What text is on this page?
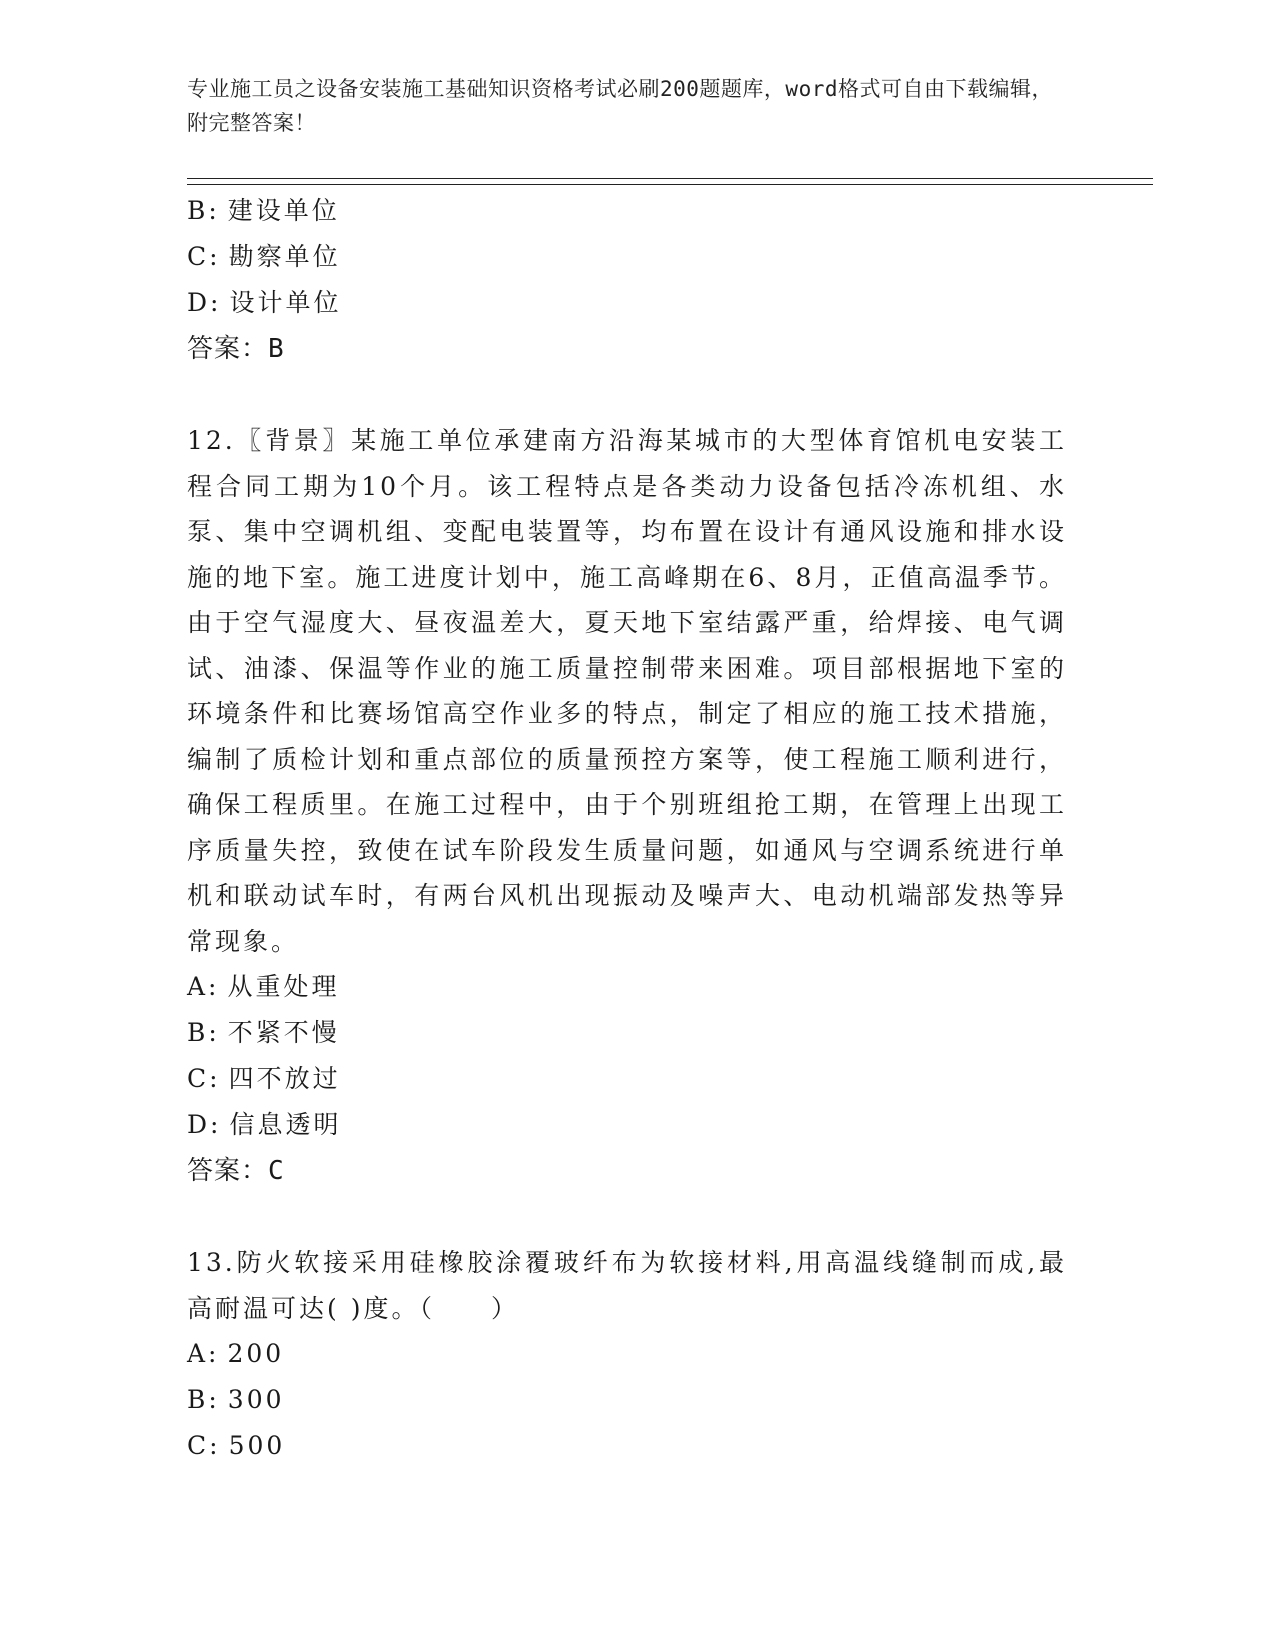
专业施工员之设备安装施工基础知识资格考试必刷200题题库，word格式可自由下载编辑，附完整答案！
B: 建设单位
C: 勘察单位
D: 设计单位
答案：B
12.〖背景〗某施工单位承建南方沿海某城市的大型体育馆机电安装工程合同工期为10个月。该工程特点是各类动力设备包括冷冻机组、水泵、集中空调机组、变配电装置等，均布置在设计有通风设施和排水设施的地下室。施工进度计划中，施工高峰期在6、8月，正值高温季节。由于空气湿度大、昼夜温差大，夏天地下室结露严重，给焊接、电气调试、油漆、保温等作业的施工质量控制带来困难。项目部根据地下室的环境条件和比赛场馆高空作业多的特点，制定了相应的施工技术措施，编制了质检计划和重点部位的质量预控方案等，使工程施工顺利进行，确保工程质里。在施工过程中，由于个别班组抢工期，在管理上出现工序质量失控，致使在试车阶段发生质量问题，如通风与空调系统进行单机和联动试车时，有两台风机出现振动及噪声大、电动机端部发热等异常现象。
A: 从重处理
B: 不紧不慢
C: 四不放过
D: 信息透明
答案：C
13.防火软接采用硅橡胶涂覆玻纤布为软接材料,用高温线缝制而成,最高耐温可达( )度。（　　）
A: 200
B: 300
C: 500
